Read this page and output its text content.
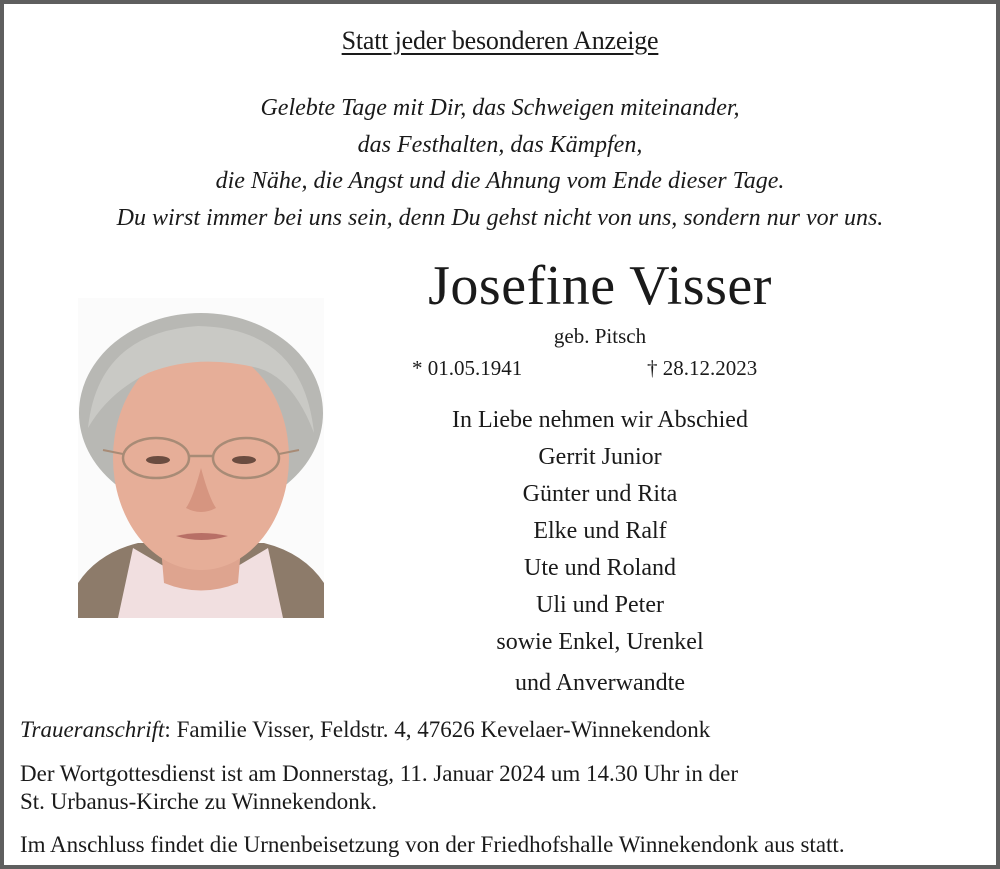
Statt jeder besonderen Anzeige
Gelebte Tage mit Dir, das Schweigen miteinander,
das Festhalten, das Kämpfen,
die Nähe, die Angst und die Ahnung vom Ende dieser Tage.
Du wirst immer bei uns sein, denn Du gehst nicht von uns, sondern nur vor uns.
Josefine Visser
geb. Pitsch
* 01.05.1941	† 28.12.2023
In Liebe nehmen wir Abschied
Gerrit Junior
Günter und Rita
Elke und Ralf
Ute und Roland
Uli und Peter
sowie Enkel, Urenkel
und Anverwandte
Traueranschrift: Familie Visser, Feldstr. 4, 47626 Kevelaer-Winnekendonk
Der Wortgottesdienst ist am Donnerstag, 11. Januar 2024 um 14.30 Uhr in der
St. Urbanus-Kirche zu Winnekendonk.
Im Anschluss findet die Urnenbeisetzung von der Friedhofshalle Winnekendonk aus statt.
